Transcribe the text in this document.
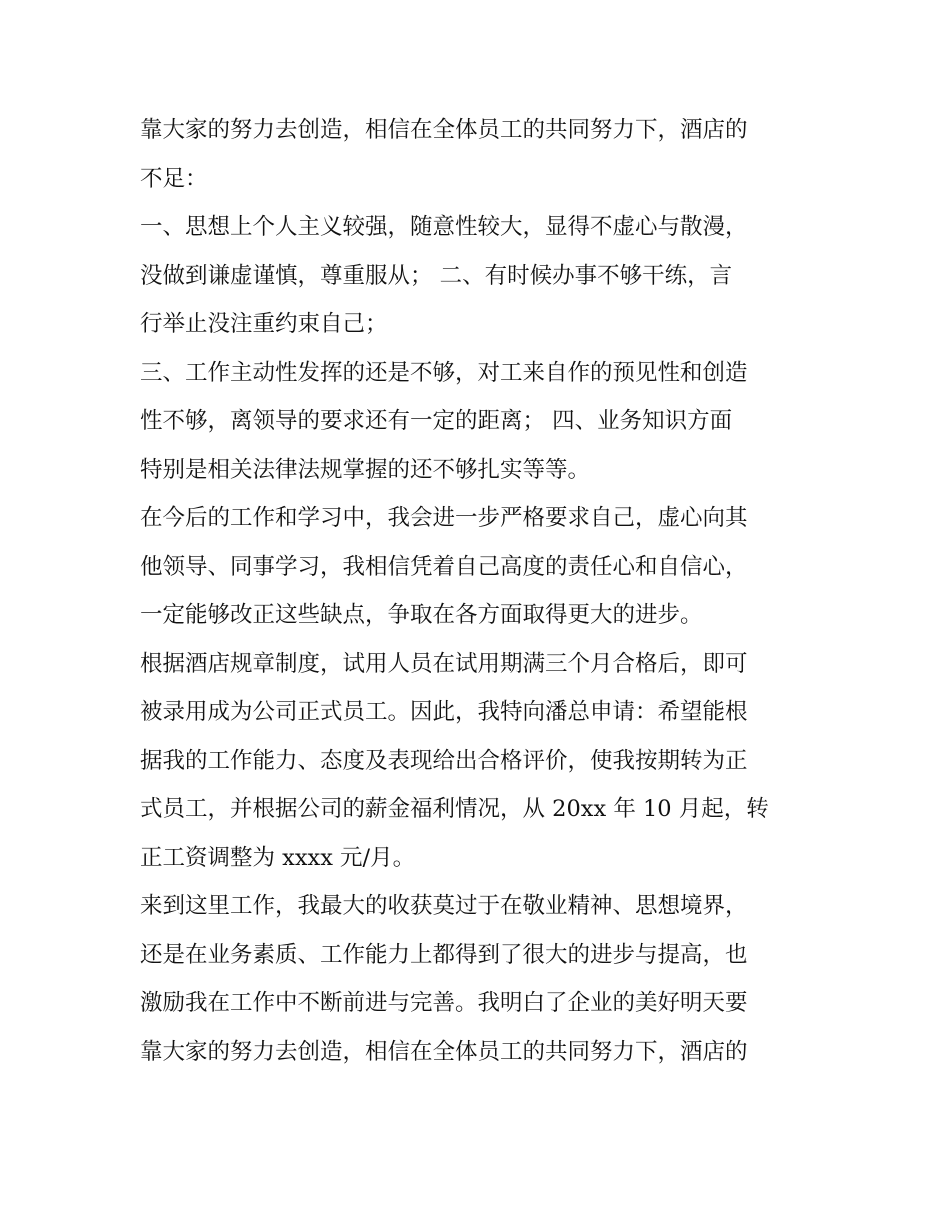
靠大家的努力去创造，相信在全体员工的共同努力下，酒店的
不足：
一、思想上个人主义较强，随意性较大，显得不虚心与散漫，
没做到谦虚谨慎，尊重服从； 二、有时候办事不够干练，言
行举止没注重约束自己；
三、工作主动性发挥的还是不够，对工来自作的预见性和创造
性不够，离领导的要求还有一定的距离； 四、业务知识方面
特别是相关法律法规掌握的还不够扎实等等。
在今后的工作和学习中，我会进一步严格要求自己，虚心向其
他领导、同事学习，我相信凭着自己高度的责任心和自信心，
一定能够改正这些缺点，争取在各方面取得更大的进步。
根据酒店规章制度，试用人员在试用期满三个月合格后，即可
被录用成为公司正式员工。因此，我特向潘总申请：希望能根
据我的工作能力、态度及表现给出合格评价，使我按期转为正
式员工，并根据公司的薪金福利情况，从 20xx 年 10 月起，转
正工资调整为 xxxx 元/月。
来到这里工作，我最大的收获莫过于在敬业精神、思想境界，
还是在业务素质、工作能力上都得到了很大的进步与提高，也
激励我在工作中不断前进与完善。我明白了企业的美好明天要
靠大家的努力去创造，相信在全体员工的共同努力下，酒店的
